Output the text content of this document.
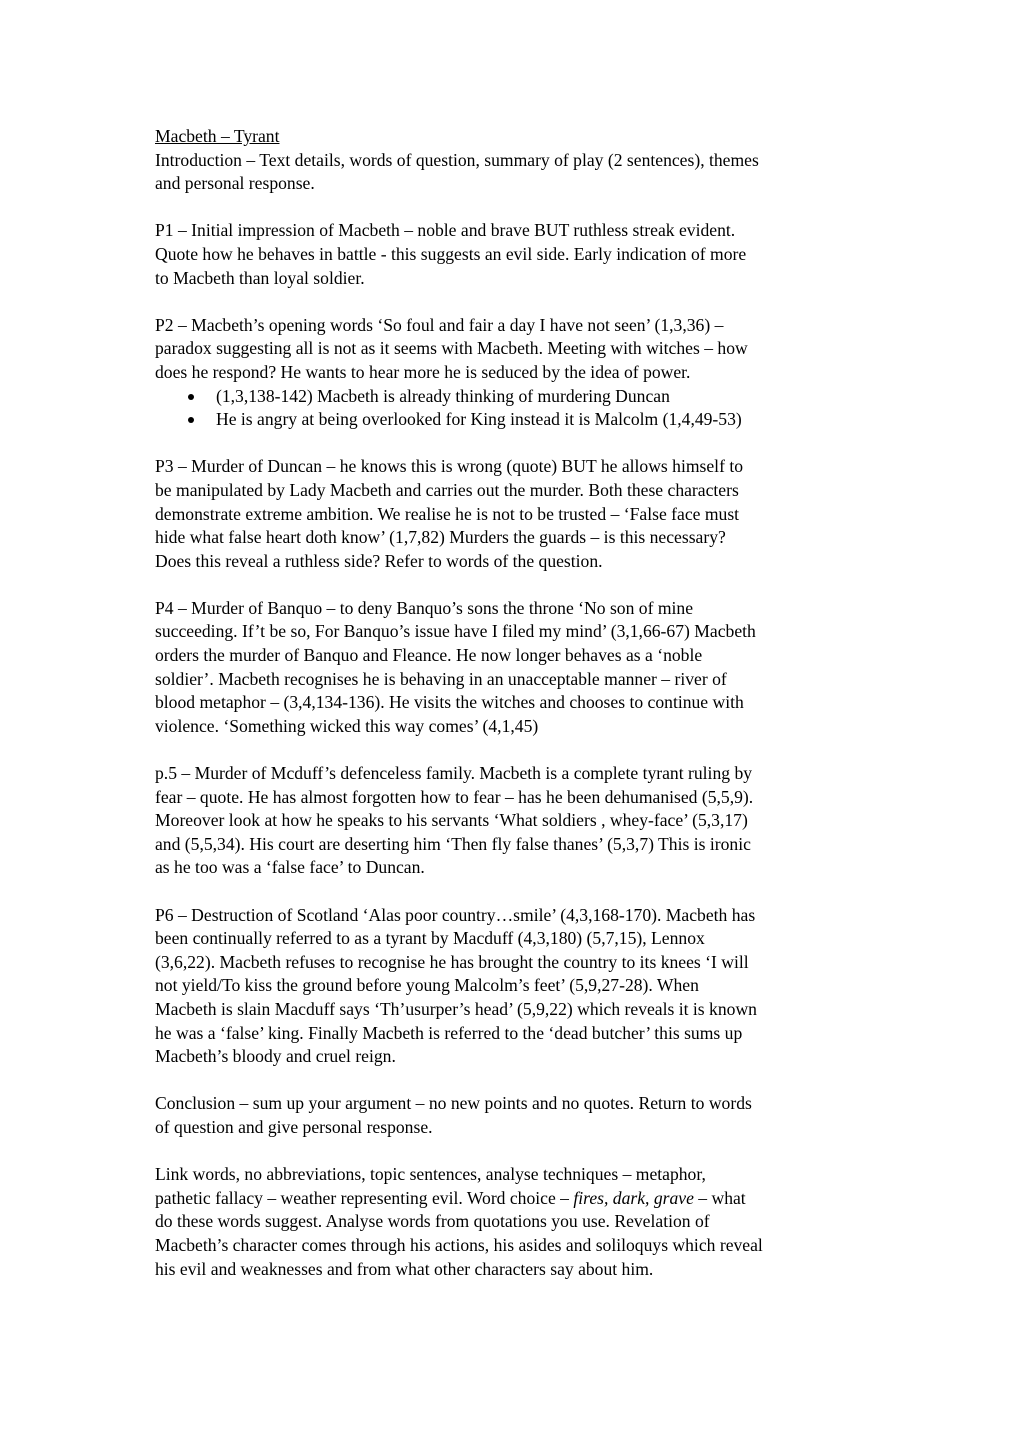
Macbeth – Tyrant
Introduction – Text details, words of question, summary of play (2 sentences), themes
and personal response.
P1 – Initial impression of Macbeth – noble and brave BUT ruthless streak evident.
Quote how he behaves in battle - this suggests an evil side. Early indication of more
to Macbeth than loyal soldier.
P2 – Macbeth’s opening words ‘So foul and fair a day I have not seen’ (1,3,36) –
paradox suggesting all is not as it seems with Macbeth. Meeting with witches – how
does he respond? He wants to hear more he is seduced by the idea of power.
(1,3,138-142) Macbeth is already thinking of murdering Duncan
He is angry at being overlooked for King instead it is Malcolm (1,4,49-53)
P3 – Murder of Duncan – he knows this is wrong (quote) BUT he allows himself to
be manipulated by Lady Macbeth and carries out the murder. Both these characters
demonstrate extreme ambition. We realise he is not to be trusted – ‘False face must
hide what false heart doth know’ (1,7,82) Murders the guards – is this necessary?
Does this reveal a ruthless side? Refer to words of the question.
P4 – Murder of Banquo – to deny Banquo’s sons the throne ‘No son of mine
succeeding. If’t be so, For Banquo’s issue have I filed my mind’ (3,1,66-67) Macbeth
orders the murder of Banquo and Fleance. He now longer behaves as a ‘noble
soldier’. Macbeth recognises he is behaving in an unacceptable manner – river of
blood metaphor – (3,4,134-136). He visits the witches and chooses to continue with
violence. ‘Something wicked this way comes’ (4,1,45)
p.5 – Murder of Mcduff’s defenceless family. Macbeth is a complete tyrant ruling by
fear – quote. He has almost forgotten how to fear – has he been dehumanised (5,5,9).
Moreover look at how he speaks to his servants ‘What soldiers , whey-face’ (5,3,17)
and (5,5,34). His court are deserting him ‘Then fly false thanes’ (5,3,7) This is ironic
as he too was a ‘false face’ to Duncan.
P6 – Destruction of Scotland ‘Alas poor country…smile’ (4,3,168-170). Macbeth has
been continually referred to as a tyrant by Macduff (4,3,180) (5,7,15), Lennox
(3,6,22). Macbeth refuses to recognise he has brought the country to its knees ‘I will
not yield/To kiss the ground before young Malcolm’s feet’ (5,9,27-28). When
Macbeth is slain Macduff says ‘Th’usurper’s head’ (5,9,22) which reveals it is known
he was a ‘false’ king. Finally Macbeth is referred to the ‘dead butcher’ this sums up
Macbeth’s bloody and cruel reign.
Conclusion – sum up your argument – no new points and no quotes. Return to words
of question and give personal response.
Link words, no abbreviations, topic sentences, analyse techniques – metaphor,
pathetic fallacy – weather representing evil. Word choice – fires, dark, grave – what
do these words suggest. Analyse words from quotations you use. Revelation of
Macbeth’s character comes through his actions, his asides and soliloquys which reveal
his evil and weaknesses and from what other characters say about him.
